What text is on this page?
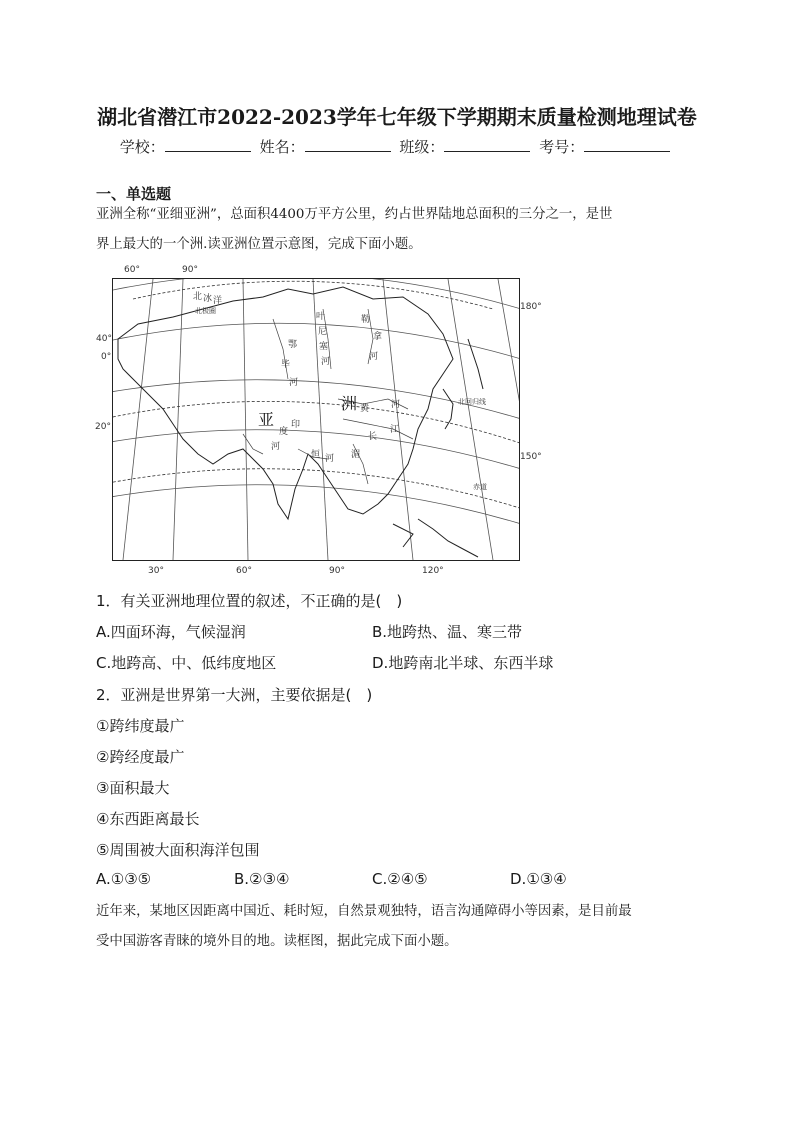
湖北省潜江市2022-2023学年七年级下学期期末质量检测地理试卷
学校：	姓名：	班级：	考号：
一、单选题
亚洲全称“亚细亚洲”，总面积4400万平方公里，约占世界陆地总面积的三分之一，是世
界上最大的一个洲.读亚洲位置示意图，完成下面小题。
60°	90°
40°
0°
20°
180°
150°
30°	60°	90°	120°
亚
洲
北 冰 洋
鄂
毕
河
叶
尼
塞
河
勒
拿
河
印
度
河
恒 河 湄
长
江
黄 河	北回归线
赤道
北极圈
1．有关亚洲地理位置的叙述，不正确的是(　)
A.四面环海，气候湿润	B.地跨热、温、寒三带
C.地跨高、中、低纬度地区	D.地跨南北半球、东西半球
2．亚洲是世界第一大洲，主要依据是(　)
①跨纬度最广
②跨经度最广
③面积最大
④东西距离最长
⑤周围被大面积海洋包围
A.①③⑤	B.②③④	C.②④⑤	D.①③④
近年来，某地区因距离中国近、耗时短，自然景观独特，语言沟通障碍小等因素，是目前最
受中国游客青睐的境外目的地。读框图，据此完成下面小题。
